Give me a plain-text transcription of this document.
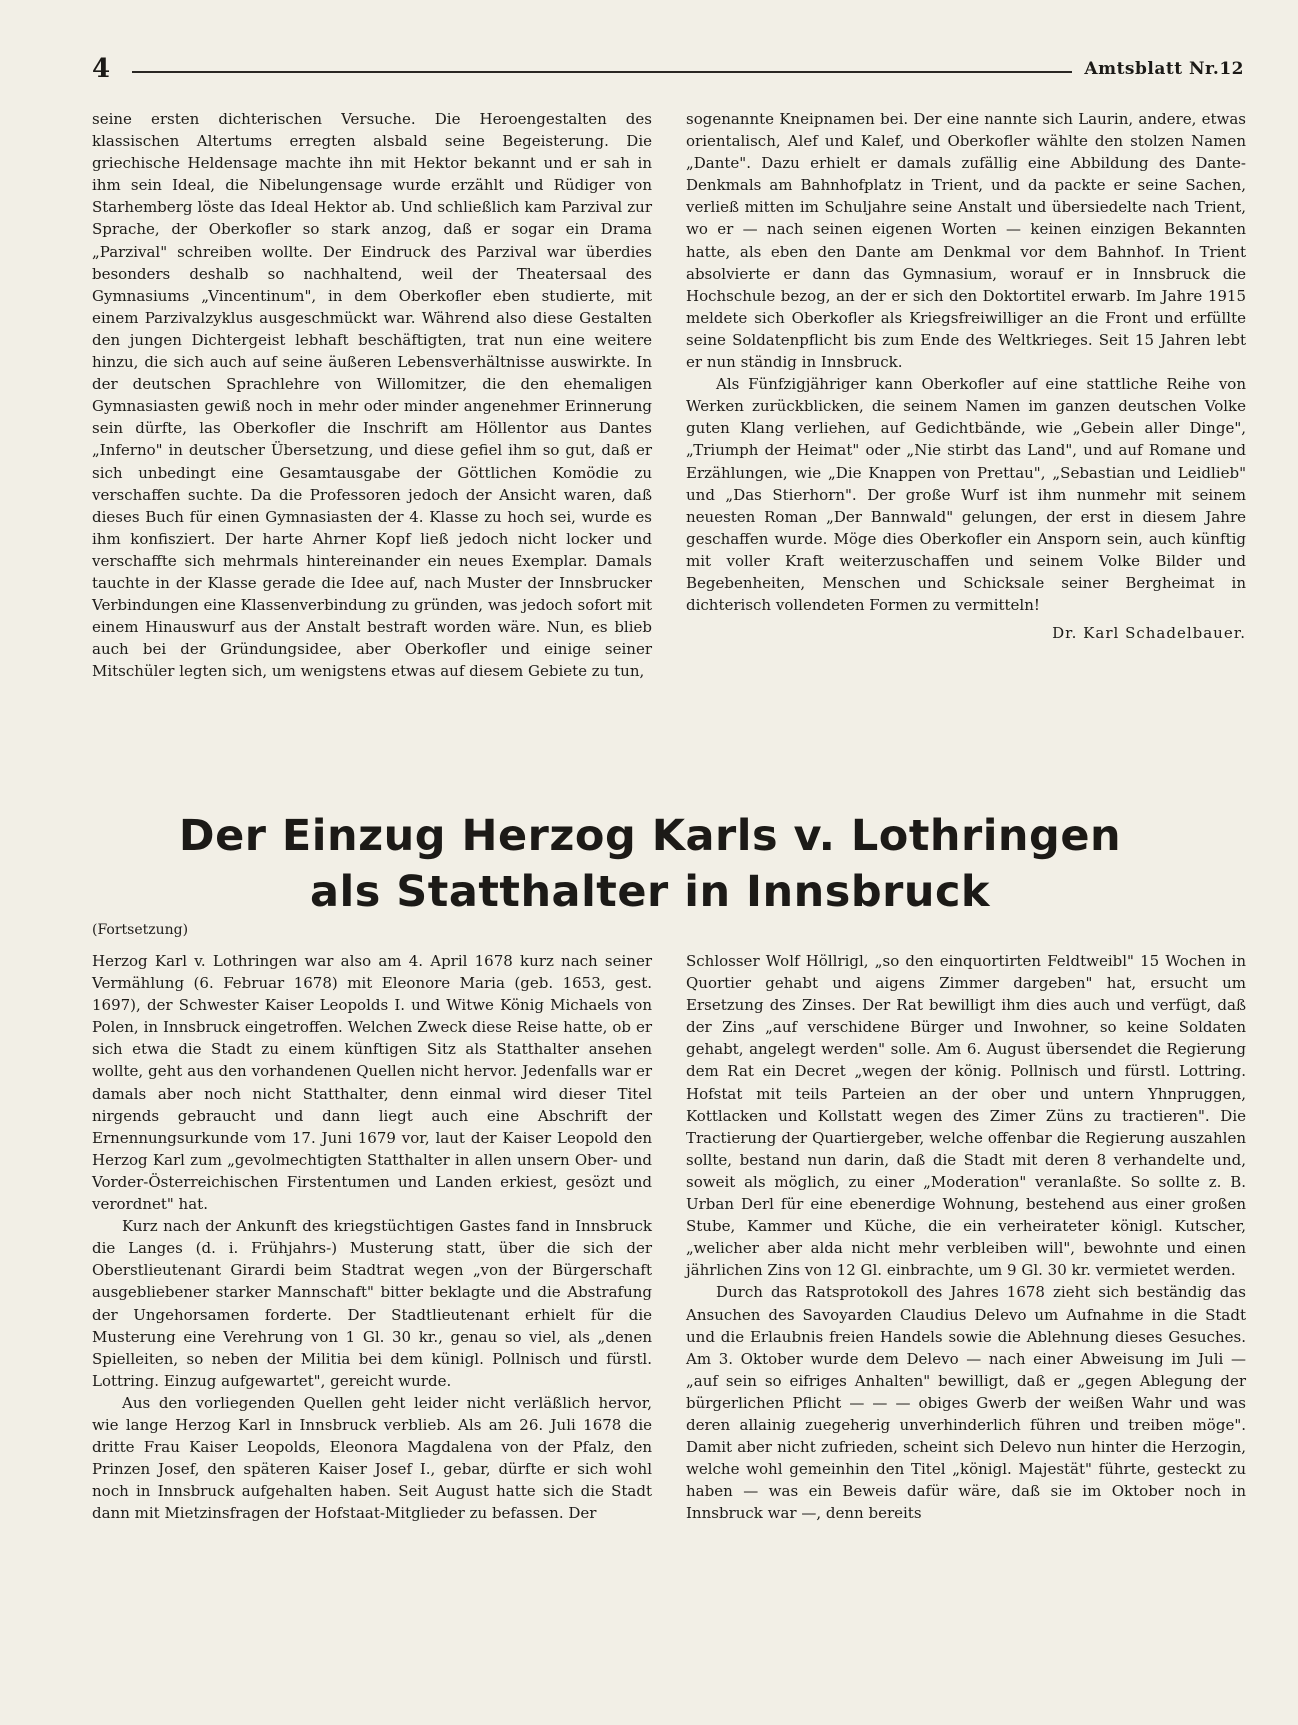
4	Amtsblatt Nr.12

seine ersten dichterischen Versuche. Die Heroengestalten des klassischen Altertums erregten alsbald seine Begeisterung. Die griechische Heldensage machte ihn mit Hektor bekannt und er sah in ihm sein Ideal, die Nibelungensage wurde erzählt und Rüdiger von Starhemberg löste das Ideal Hektor ab. Und schließlich kam Parzival zur Sprache, der Oberkofler so stark anzog, daß er sogar ein Drama „Parzival" schreiben wollte. Der Eindruck des Parzival war überdies besonders deshalb so nachhaltend, weil der Theatersaal des Gymnasiums „Vincentinum", in dem Oberkofler eben studierte, mit einem Parzivalzyklus ausgeschmückt war. Während also diese Gestalten den jungen Dichtergeist lebhaft beschäftigten, trat nun eine weitere hinzu, die sich auch auf seine äußeren Lebensverhältnisse auswirkte. In der deutschen Sprachlehre von Willomitzer, die den ehemaligen Gymnasiasten gewiß noch in mehr oder minder angenehmer Erinnerung sein dürfte, las Oberkofler die Inschrift am Höllentor aus Dantes „Inferno" in deutscher Übersetzung, und diese gefiel ihm so gut, daß er sich unbedingt eine Gesamtausgabe der Göttlichen Komödie zu verschaffen suchte. Da die Professoren jedoch der Ansicht waren, daß dieses Buch für einen Gymnasiasten der 4. Klasse zu hoch sei, wurde es ihm konfisziert. Der harte Ahrner Kopf ließ jedoch nicht locker und verschaffte sich mehrmals hintereinander ein neues Exemplar. Damals tauchte in der Klasse gerade die Idee auf, nach Muster der Innsbrucker Verbindungen eine Klassenverbindung zu gründen, was jedoch sofort mit einem Hinauswurf aus der Anstalt bestraft worden wäre. Nun, es blieb auch bei der Gründungsidee, aber Oberkofler und einige seiner Mitschüler legten sich, um wenigstens etwas auf diesem Gebiete zu tun,

sogenannte Kneipnamen bei. Der eine nannte sich Laurin, andere, etwas orientalisch, Alef und Kalef, und Oberkofler wählte den stolzen Namen „Dante". Dazu erhielt er damals zufällig eine Abbildung des Dante-Denkmals am Bahnhofplatz in Trient, und da packte er seine Sachen, verließ mitten im Schuljahre seine Anstalt und übersiedelte nach Trient, wo er — nach seinen eigenen Worten — keinen einzigen Bekannten hatte, als eben den Dante am Denkmal vor dem Bahnhof. In Trient absolvierte er dann das Gymnasium, worauf er in Innsbruck die Hochschule bezog, an der er sich den Doktortitel erwarb. Im Jahre 1915 meldete sich Oberkofler als Kriegsfreiwilliger an die Front und erfüllte seine Soldatenpflicht bis zum Ende des Weltkrieges. Seit 15 Jahren lebt er nun ständig in Innsbruck.

Als Fünfzigjähriger kann Oberkofler auf eine stattliche Reihe von Werken zurückblicken, die seinem Namen im ganzen deutschen Volke guten Klang verliehen, auf Gedichtbände, wie „Gebein aller Dinge", „Triumph der Heimat" oder „Nie stirbt das Land", und auf Romane und Erzählungen, wie „Die Knappen von Prettau", „Sebastian und Leidlieb" und „Das Stierhorn". Der große Wurf ist ihm nunmehr mit seinem neuesten Roman „Der Bannwald" gelungen, der erst in diesem Jahre geschaffen wurde. Möge dies Oberkofler ein Ansporn sein, auch künftig mit voller Kraft weiterzuschaffen und seinem Volke Bilder und Begebenheiten, Menschen und Schicksale seiner Bergheimat in dichterisch vollendeten Formen zu vermitteln!

Dr. Karl Schadelbauer.

Der Einzug Herzog Karls v. Lothringen
als Statthalter in Innsbruck
(Fortsetzung)

Herzog Karl v. Lothringen war also am 4. April 1678 kurz nach seiner Vermählung (6. Februar 1678) mit Eleonore Maria (geb. 1653, gest. 1697), der Schwester Kaiser Leopolds I. und Witwe König Michaels von Polen, in Innsbruck eingetroffen. Welchen Zweck diese Reise hatte, ob er sich etwa die Stadt zu einem künftigen Sitz als Statthalter ansehen wollte, geht aus den vorhandenen Quellen nicht hervor. Jedenfalls war er damals aber noch nicht Statthalter, denn einmal wird dieser Titel nirgends gebraucht und dann liegt auch eine Abschrift der Ernennungsurkunde vom 17. Juni 1679 vor, laut der Kaiser Leopold den Herzog Karl zum „gevolmechtigten Statthalter in allen unsern Ober- und Vorder-Österreichischen Firstentumen und Landen erkiest, gesözt und verordnet" hat.

Kurz nach der Ankunft des kriegstüchtigen Gastes fand in Innsbruck die Langes (d. i. Frühjahrs-) Musterung statt, über die sich der Oberstlieutenant Girardi beim Stadtrat wegen „von der Bürgerschaft ausgebliebener starker Mannschaft" bitter beklagte und die Abstrafung der Ungehorsamen forderte. Der Stadtlieutenant erhielt für die Musterung eine Verehrung von 1 Gl. 30 kr., genau so viel, als „denen Spielleiten, so neben der Militia bei dem künigl. Pollnisch und fürstl. Lottring. Einzug aufgewartet", gereicht wurde.

Aus den vorliegenden Quellen geht leider nicht verläßlich hervor, wie lange Herzog Karl in Innsbruck verblieb. Als am 26. Juli 1678 die dritte Frau Kaiser Leopolds, Eleonora Magdalena von der Pfalz, den Prinzen Josef, den späteren Kaiser Josef I., gebar, dürfte er sich wohl noch in Innsbruck aufgehalten haben. Seit August hatte sich die Stadt dann mit Mietzinsfragen der Hofstaat-Mitglieder zu befassen. Der

Schlosser Wolf Höllrigl, „so den einquortirten Feldtweibl" 15 Wochen in Quortier gehabt und aigens Zimmer dargeben" hat, ersucht um Ersetzung des Zinses. Der Rat bewilligt ihm dies auch und verfügt, daß der Zins „auf verschidene Bürger und Inwohner, so keine Soldaten gehabt, angelegt werden" solle. Am 6. August übersendet die Regierung dem Rat ein Decret „wegen der könig. Pollnisch und fürstl. Lottring. Hofstat mit teils Parteien an der ober und untern Yhnpruggen, Kottlacken und Kollstatt wegen des Zimer Züns zu tractieren". Die Tractierung der Quartiergeber, welche offenbar die Regierung auszahlen sollte, bestand nun darin, daß die Stadt mit deren 8 verhandelte und, soweit als möglich, zu einer „Moderation" veranlaßte. So sollte z. B. Urban Derl für eine ebenerdige Wohnung, bestehend aus einer großen Stube, Kammer und Küche, die ein verheirateter königl. Kutscher, „welicher aber alda nicht mehr verbleiben will", bewohnte und einen jährlichen Zins von 12 Gl. einbrachte, um 9 Gl. 30 kr. vermietet werden.

Durch das Ratsprotokoll des Jahres 1678 zieht sich beständig das Ansuchen des Savoyarden Claudius Delevo um Aufnahme in die Stadt und die Erlaubnis freien Handels sowie die Ablehnung dieses Gesuches. Am 3. Oktober wurde dem Delevo — nach einer Abweisung im Juli — „auf sein so eifriges Anhalten" bewilligt, daß er „gegen Ablegung der bürgerlichen Pflicht — — — obiges Gwerb der weißen Wahr und was deren allainig zuegeherig unverhinderlich führen und treiben möge". Damit aber nicht zufrieden, scheint sich Delevo nun hinter die Herzogin, welche wohl gemeinhin den Titel „königl. Majestät" führte, gesteckt zu haben — was ein Beweis dafür wäre, daß sie im Oktober noch in Innsbruck war —, denn bereits
